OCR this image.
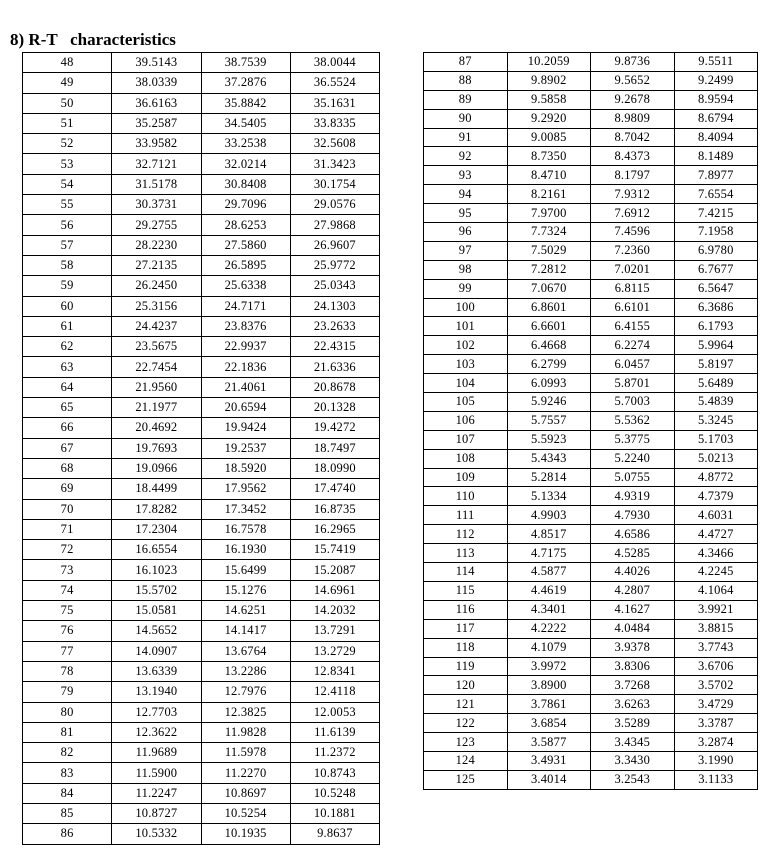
8) R-T   characteristics
48	39.5143	38.7539	38.0044
49	38.0339	37.2876	36.5524
50	36.6163	35.8842	35.1631
51	35.2587	34.5405	33.8335
52	33.9582	33.2538	32.5608
53	32.7121	32.0214	31.3423
54	31.5178	30.8408	30.1754
55	30.3731	29.7096	29.0576
56	29.2755	28.6253	27.9868
57	28.2230	27.5860	26.9607
58	27.2135	26.5895	25.9772
59	26.2450	25.6338	25.0343
60	25.3156	24.7171	24.1303
61	24.4237	23.8376	23.2633
62	23.5675	22.9937	22.4315
63	22.7454	22.1836	21.6336
64	21.9560	21.4061	20.8678
65	21.1977	20.6594	20.1328
66	20.4692	19.9424	19.4272
67	19.7693	19.2537	18.7497
68	19.0966	18.5920	18.0990
69	18.4499	17.9562	17.4740
70	17.8282	17.3452	16.8735
71	17.2304	16.7578	16.2965
72	16.6554	16.1930	15.7419
73	16.1023	15.6499	15.2087
74	15.5702	15.1276	14.6961
75	15.0581	14.6251	14.2032
76	14.5652	14.1417	13.7291
77	14.0907	13.6764	13.2729
78	13.6339	13.2286	12.8341
79	13.1940	12.7976	12.4118
80	12.7703	12.3825	12.0053
81	12.3622	11.9828	11.6139
82	11.9689	11.5978	11.2372
83	11.5900	11.2270	10.8743
84	11.2247	10.8697	10.5248
85	10.8727	10.5254	10.1881
86	10.5332	10.1935	9.8637
87	10.2059	9.8736	9.5511
88	9.8902	9.5652	9.2499
89	9.5858	9.2678	8.9594
90	9.2920	8.9809	8.6794
91	9.0085	8.7042	8.4094
92	8.7350	8.4373	8.1489
93	8.4710	8.1797	7.8977
94	8.2161	7.9312	7.6554
95	7.9700	7.6912	7.4215
96	7.7324	7.4596	7.1958
97	7.5029	7.2360	6.9780
98	7.2812	7.0201	6.7677
99	7.0670	6.8115	6.5647
100	6.8601	6.6101	6.3686
101	6.6601	6.4155	6.1793
102	6.4668	6.2274	5.9964
103	6.2799	6.0457	5.8197
104	6.0993	5.8701	5.6489
105	5.9246	5.7003	5.4839
106	5.7557	5.5362	5.3245
107	5.5923	5.3775	5.1703
108	5.4343	5.2240	5.0213
109	5.2814	5.0755	4.8772
110	5.1334	4.9319	4.7379
111	4.9903	4.7930	4.6031
112	4.8517	4.6586	4.4727
113	4.7175	4.5285	4.3466
114	4.5877	4.4026	4.2245
115	4.4619	4.2807	4.1064
116	4.3401	4.1627	3.9921
117	4.2222	4.0484	3.8815
118	4.1079	3.9378	3.7743
119	3.9972	3.8306	3.6706
120	3.8900	3.7268	3.5702
121	3.7861	3.6263	3.4729
122	3.6854	3.5289	3.3787
123	3.5877	3.4345	3.2874
124	3.4931	3.3430	3.1990
125	3.4014	3.2543	3.1133
